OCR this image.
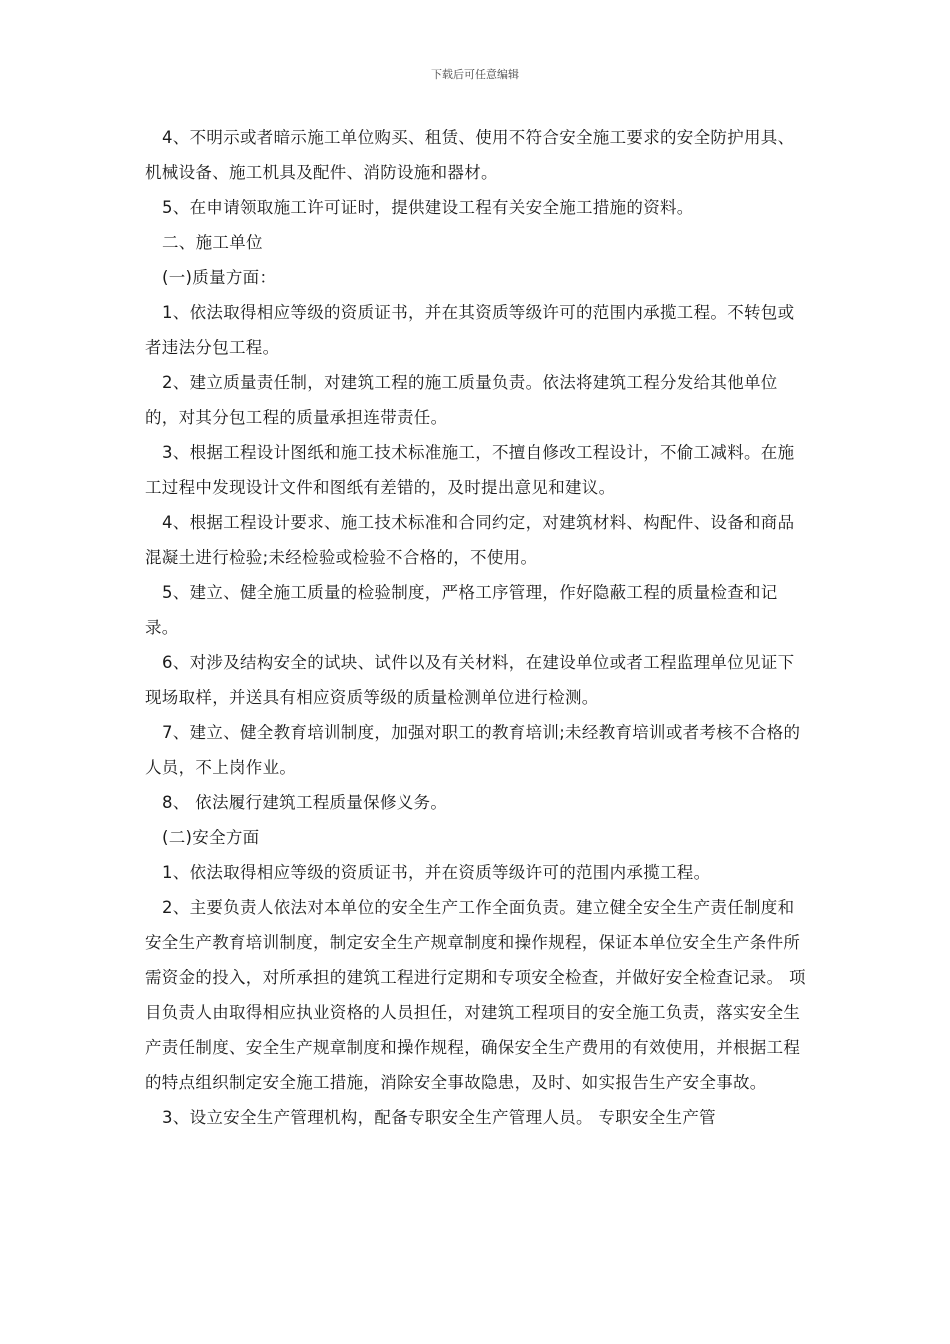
下载后可任意编辑

4、不明示或者暗示施工单位购买、租赁、使用不符合安全施工要求的安全防护用具、机械设备、施工机具及配件、消防设施和器材。

5、在申请领取施工许可证时，提供建设工程有关安全施工措施的资料。

二、施工单位

(一)质量方面：

1、依法取得相应等级的资质证书，并在其资质等级许可的范围内承揽工程。不转包或者违法分包工程。

2、建立质量责任制，对建筑工程的施工质量负责。依法将建筑工程分发给其他单位的，对其分包工程的质量承担连带责任。

3、根据工程设计图纸和施工技术标准施工，不擅自修改工程设计，不偷工减料。在施工过程中发现设计文件和图纸有差错的，及时提出意见和建议。

4、根据工程设计要求、施工技术标准和合同约定，对建筑材料、构配件、设备和商品混凝土进行检验;未经检验或检验不合格的，不使用。

5、建立、健全施工质量的检验制度，严格工序管理，作好隐蔽工程的质量检查和记录。

6、对涉及结构安全的试块、试件以及有关材料，在建设单位或者工程监理单位见证下现场取样，并送具有相应资质等级的质量检测单位进行检测。

7、建立、健全教育培训制度，加强对职工的教育培训;未经教育培训或者考核不合格的人员，不上岗作业。

8、 依法履行建筑工程质量保修义务。

(二)安全方面

1、依法取得相应等级的资质证书，并在资质等级许可的范围内承揽工程。

2、主要负责人依法对本单位的安全生产工作全面负责。建立健全安全生产责任制度和安全生产教育培训制度，制定安全生产规章制度和操作规程，保证本单位安全生产条件所需资金的投入，对所承担的建筑工程进行定期和专项安全检查，并做好安全检查记录。 项目负责人由取得相应执业资格的人员担任，对建筑工程项目的安全施工负责，落实安全生产责任制度、安全生产规章制度和操作规程，确保安全生产费用的有效使用，并根据工程的特点组织制定安全施工措施，消除安全事故隐患，及时、如实报告生产安全事故。

3、设立安全生产管理机构，配备专职安全生产管理人员。 专职安全生产管
